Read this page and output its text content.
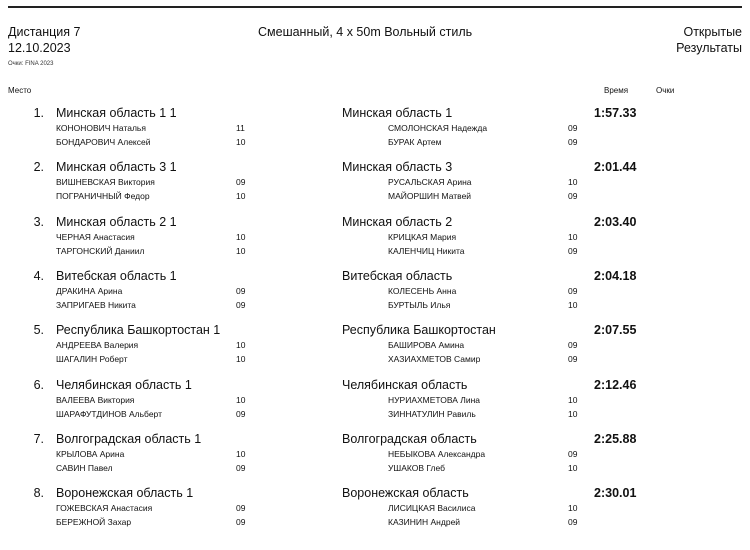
Дистанция 7
12.10.2023
Смешанный, 4 x 50m Вольный стиль	Открытые
Результаты
Очки: FINA 2023
Место	Время	Очки
1. Минская область 1 1	Минская область 1	1:57.33
КОНОНОВИЧ Наталья	11
БОНДАРОВИЧ Алексей	10
СМОЛОНСКАЯ Надежда	09
БУРАК Артем	09
2. Минская область 3 1	Минская область 3	2:01.44
ВИШНЕВСКАЯ Виктория	09
ПОГРАНИЧНЫЙ Федор	10
РУСАЛЬСКАЯ Арина	10
МАЙОРШИН Матвей	09
3. Минская область 2 1	Минская область 2	2:03.40
ЧЕРНАЯ Анастасия	10
ТАРГОНСКИЙ Даниил	10
КРИЦКАЯ Мария	10
КАЛЕНЧИЦ Никита	09
4. Витебская область 1	Витебская область	2:04.18
ДРАКИНА Арина	09
ЗАПРИГАЕВ Никита	09
КОЛЕСЕНЬ Анна	09
БУРТЫЛЬ Илья	10
5. Республика Башкортостан 1	Республика Башкортостан	2:07.55
АНДРЕЕВА Валерия	10
ШАГАЛИН Роберт	10
БАШИРОВА Амина	09
ХАЗИАХМЕТОВ Самир	09
6. Челябинская область 1	Челябинская область	2:12.46
ВАЛЕЕВА Виктория	10
ШАРАФУТДИНОВ Альберт	09
НУРИАХМЕТОВА Лина	10
ЗИННАТУЛИН Равиль	10
7. Волгоградская область 1	Волгоградская область	2:25.88
КРЫЛОВА Арина	10
САВИН Павел	09
НЕБЫКОВА Александра	09
УШАКОВ Глеб	10
8. Воронежская область 1	Воронежская область	2:30.01
ГОЖЕВСКАЯ Анастасия	09
БЕРЕЖНОЙ Захар	09
ЛИСИЦКАЯ Василиса	10
КАЗИНИН Андрей	09
